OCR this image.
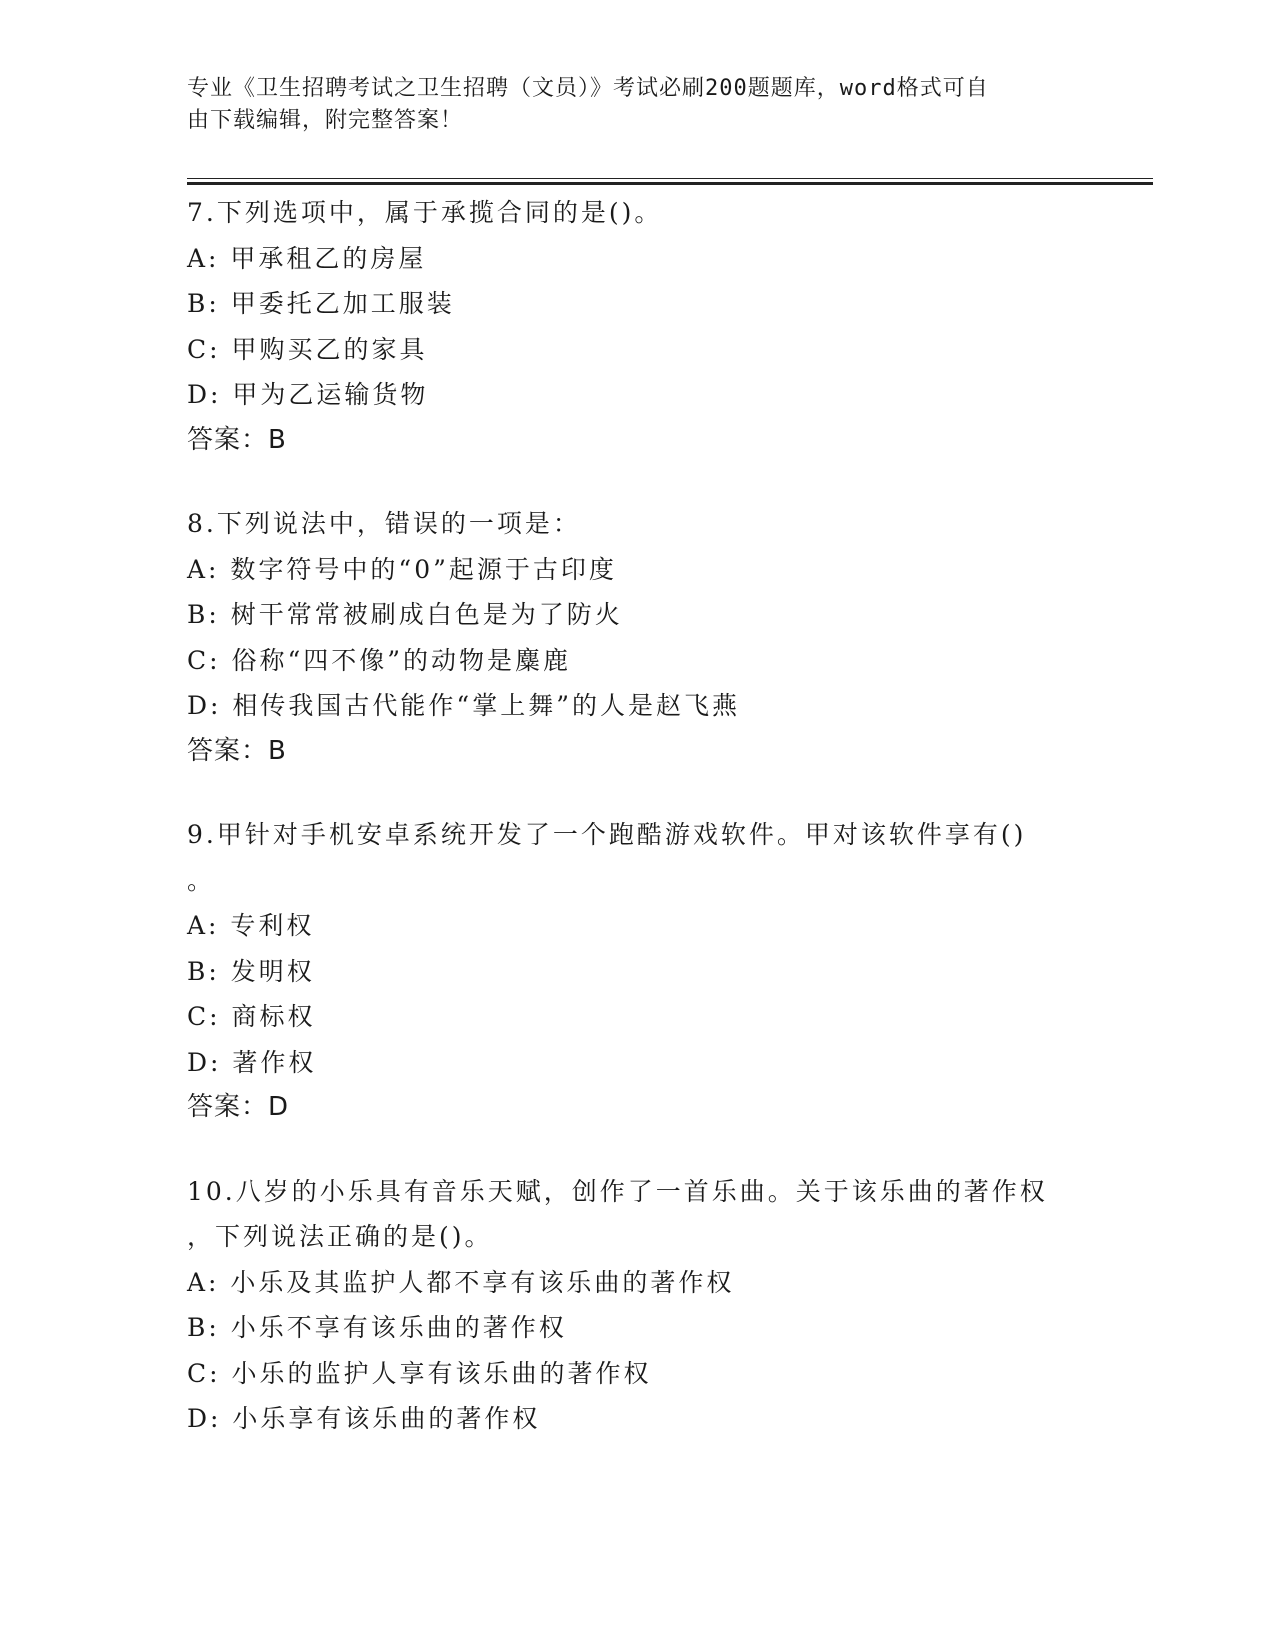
专业《卫生招聘考试之卫生招聘（文员）》考试必刷200题题库，word格式可自
由下载编辑，附完整答案！
7.下列选项中，属于承揽合同的是()。
A: 甲承租乙的房屋
B: 甲委托乙加工服装
C: 甲购买乙的家具
D: 甲为乙运输货物
答案：B
8.下列说法中，错误的一项是：
A: 数字符号中的“0”起源于古印度
B: 树干常常被刷成白色是为了防火
C: 俗称“四不像”的动物是麋鹿
D: 相传我国古代能作“掌上舞”的人是赵飞燕
答案：B
9.甲针对手机安卓系统开发了一个跑酷游戏软件。甲对该软件享有()
。
A: 专利权
B: 发明权
C: 商标权
D: 著作权
答案：D
10.八岁的小乐具有音乐天赋，创作了一首乐曲。关于该乐曲的著作权
，下列说法正确的是()。
A: 小乐及其监护人都不享有该乐曲的著作权
B: 小乐不享有该乐曲的著作权
C: 小乐的监护人享有该乐曲的著作权
D: 小乐享有该乐曲的著作权
